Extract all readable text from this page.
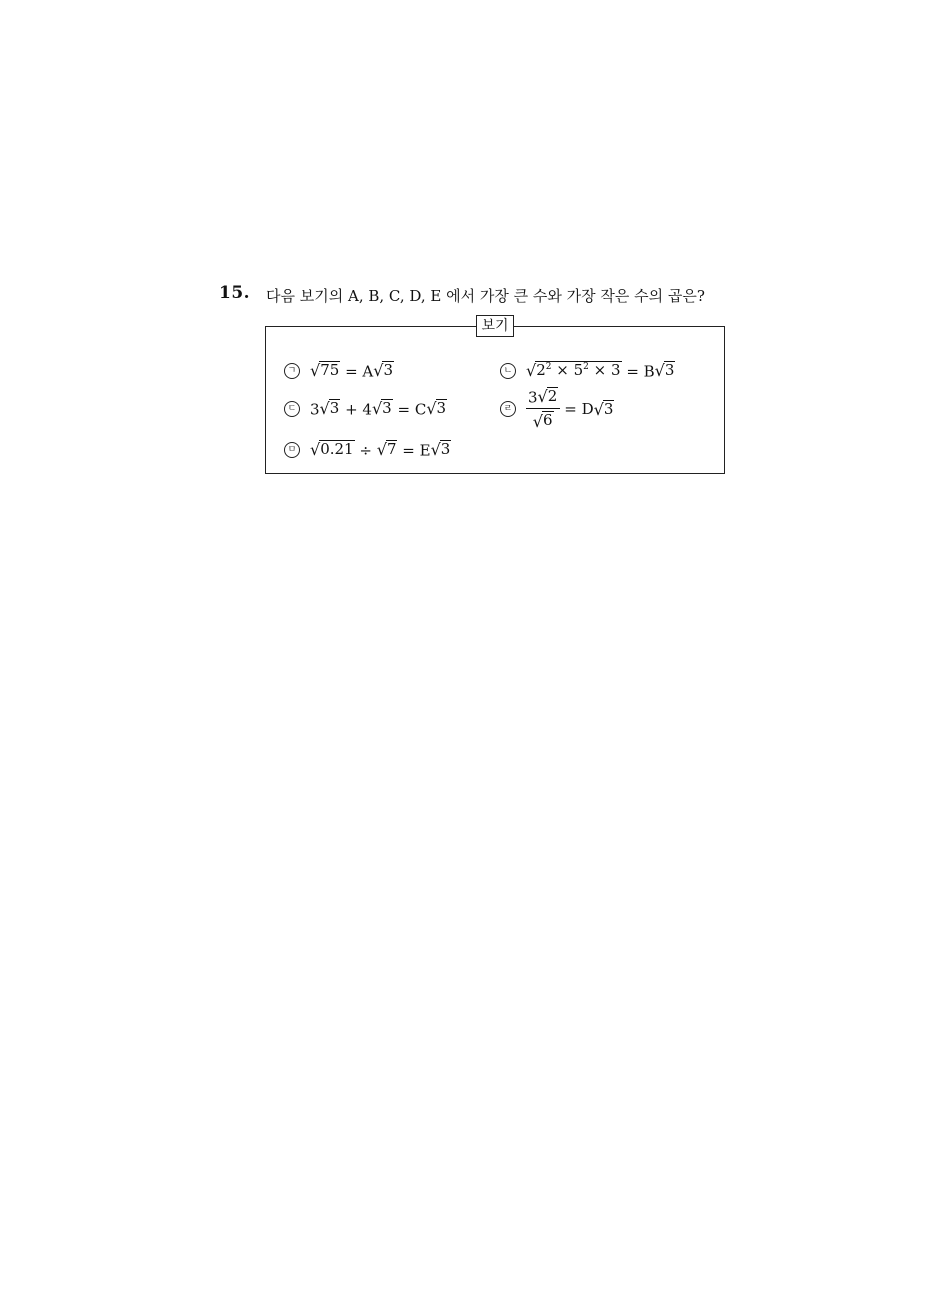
15. 다음 보기의 A, B, C, D, E 에서 가장 큰 수와 가장 작은 수의 곱은?
보기
ㄱ √ 75 = A √ 3	ㄴ √ $2^2 \times 5^2 \times 3 = B$ √ 3
ㄷ 3 √ 3 + 4 √ 3 = C √ 3	ㄹ $\frac{3 √ 2}{√ 6} = D$ √ 3
ㅁ √ 0.21 ÷ √ 7 = E √ 3
